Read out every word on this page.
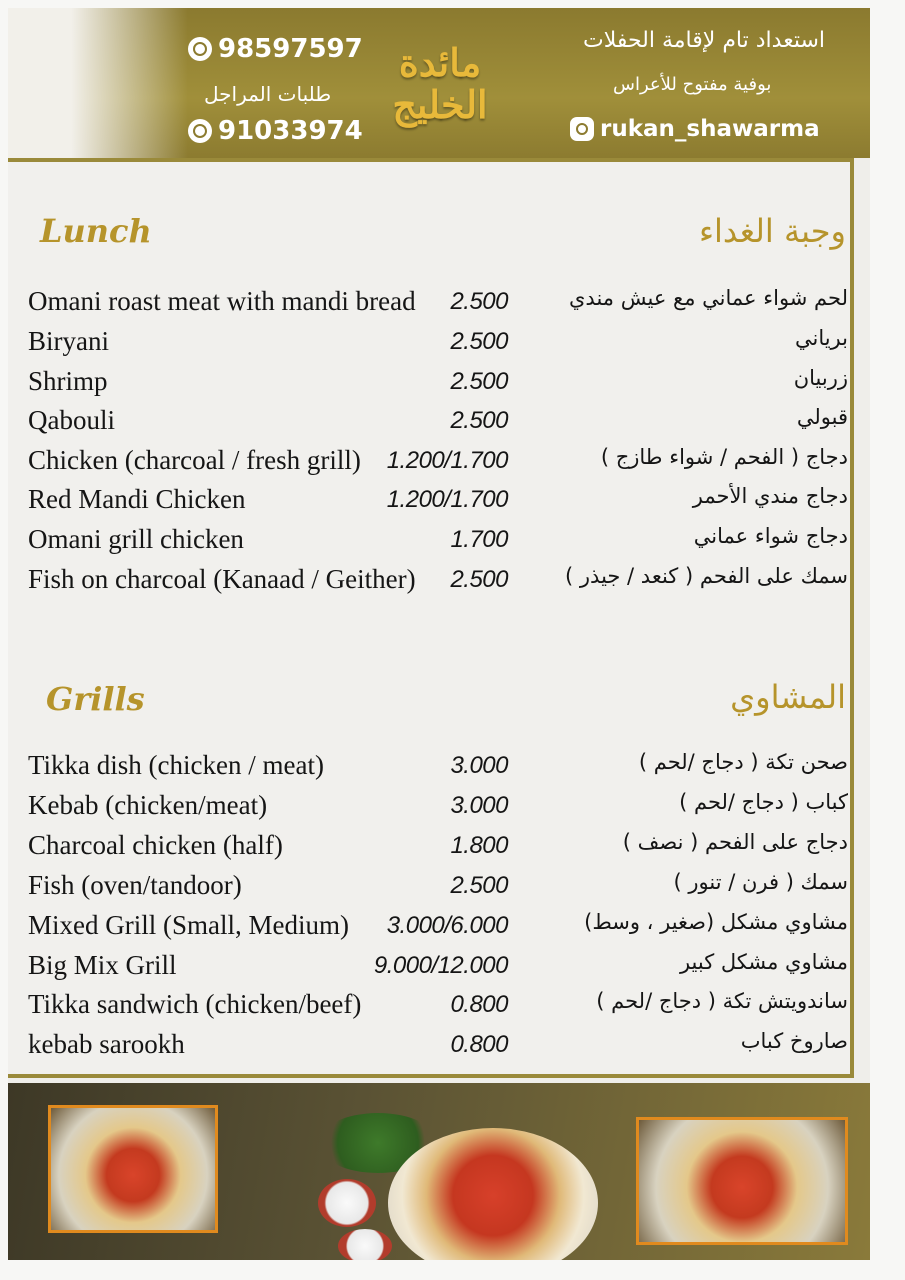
98597597
طلبات المراجل
91033974
مائدة الخليج
استعداد تام لإقامة الحفلات
بوفية مفتوح للأعراس
rukan_shawarma
Lunch	وجبة الغداء
Omani roast meat with mandi bread 2.500	لحم شواء عماني مع عيش مندي
Biryani	2.500	برياني
Shrimp	2.500	زربيان
Qabouli	2.500	قبولي
Chicken (charcoal / fresh grill) 1.200/1.700	دجاج ( الفحم / شواء طازج )
Red Mandi Chicken	1.200/1.700	دجاج مندي الأحمر
Omani grill chicken	1.700	دجاج شواء عماني
Fish on charcoal (Kanaad / Geither) 2.500	سمك على الفحم ( كنعد / جيذر )
Grills	المشاوي
Tikka dish (chicken / meat)	3.000	صحن تكة ( دجاج /لحم )
Kebab (chicken/meat)	3.000	كباب ( دجاج /لحم )
Charcoal chicken (half)	1.800	دجاج على الفحم ( نصف )
Fish (oven/tandoor)	2.500	سمك ( فرن / تنور )
Mixed Grill (Small, Medium) 3.000/6.000	مشاوي مشكل (صغير ، وسط)
Big Mix Grill	9.000/12.000	مشاوي مشكل كبير
Tikka sandwich (chicken/beef)	0.800	ساندويتش تكة ( دجاج /لحم )
kebab sarookh	0.800	صاروخ كباب
